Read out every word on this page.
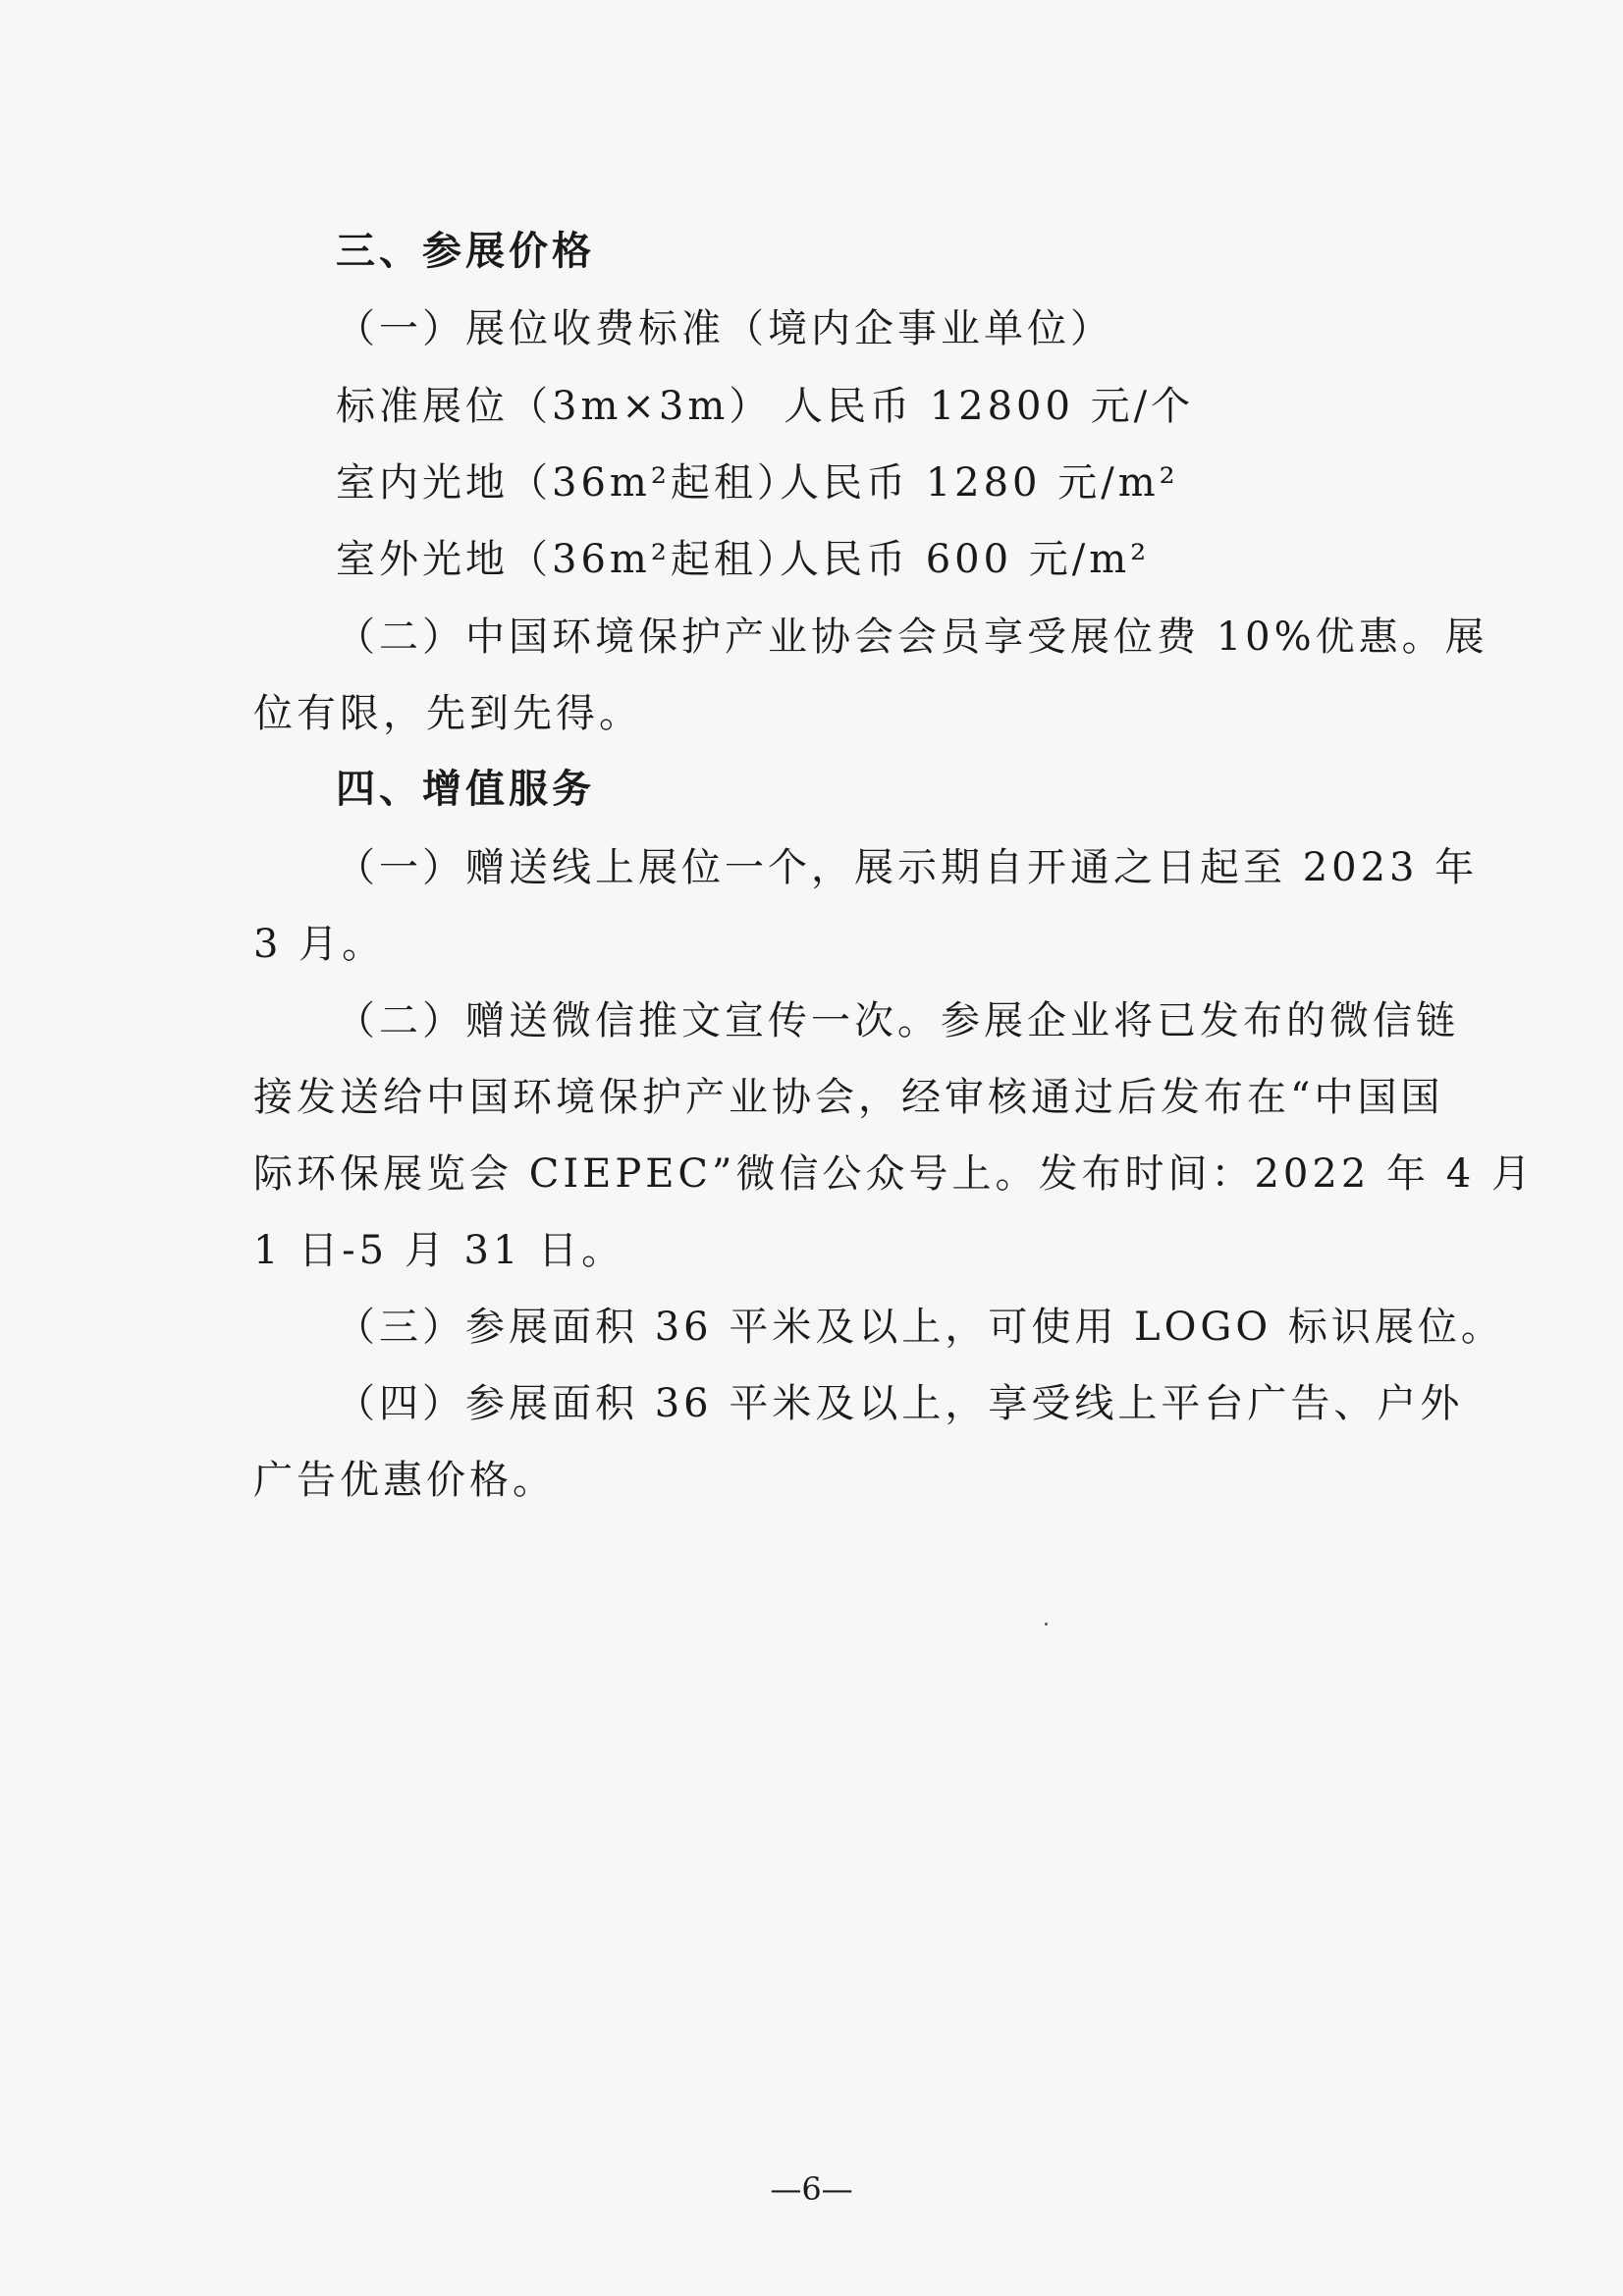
三、参展价格
（一）展位收费标准（境内企事业单位）
标准展位（3m×3m） 人民币 12800 元/个
室内光地（36m²起租）
人民币 1280 元/m²
室外光地（36m²起租）
人民币 600 元/m²
（二）中国环境保护产业协会会员享受展位费 10%优惠。展
位有限，先到先得。
四、增值服务
（一）赠送线上展位一个，展示期自开通之日起至 2023 年
3 月。
（二）赠送微信推文宣传一次。参展企业将已发布的微信链
接发送给中国环境保护产业协会，经审核通过后发布在“中国国
际环保展览会 CIEPEC”微信公众号上。发布时间：2022 年 4 月
1 日-5 月 31 日。
（三）参展面积 36 平米及以上，可使用 LOGO 标识展位。
（四）参展面积 36 平米及以上，享受线上平台广告、户外
广告优惠价格。
—6—
